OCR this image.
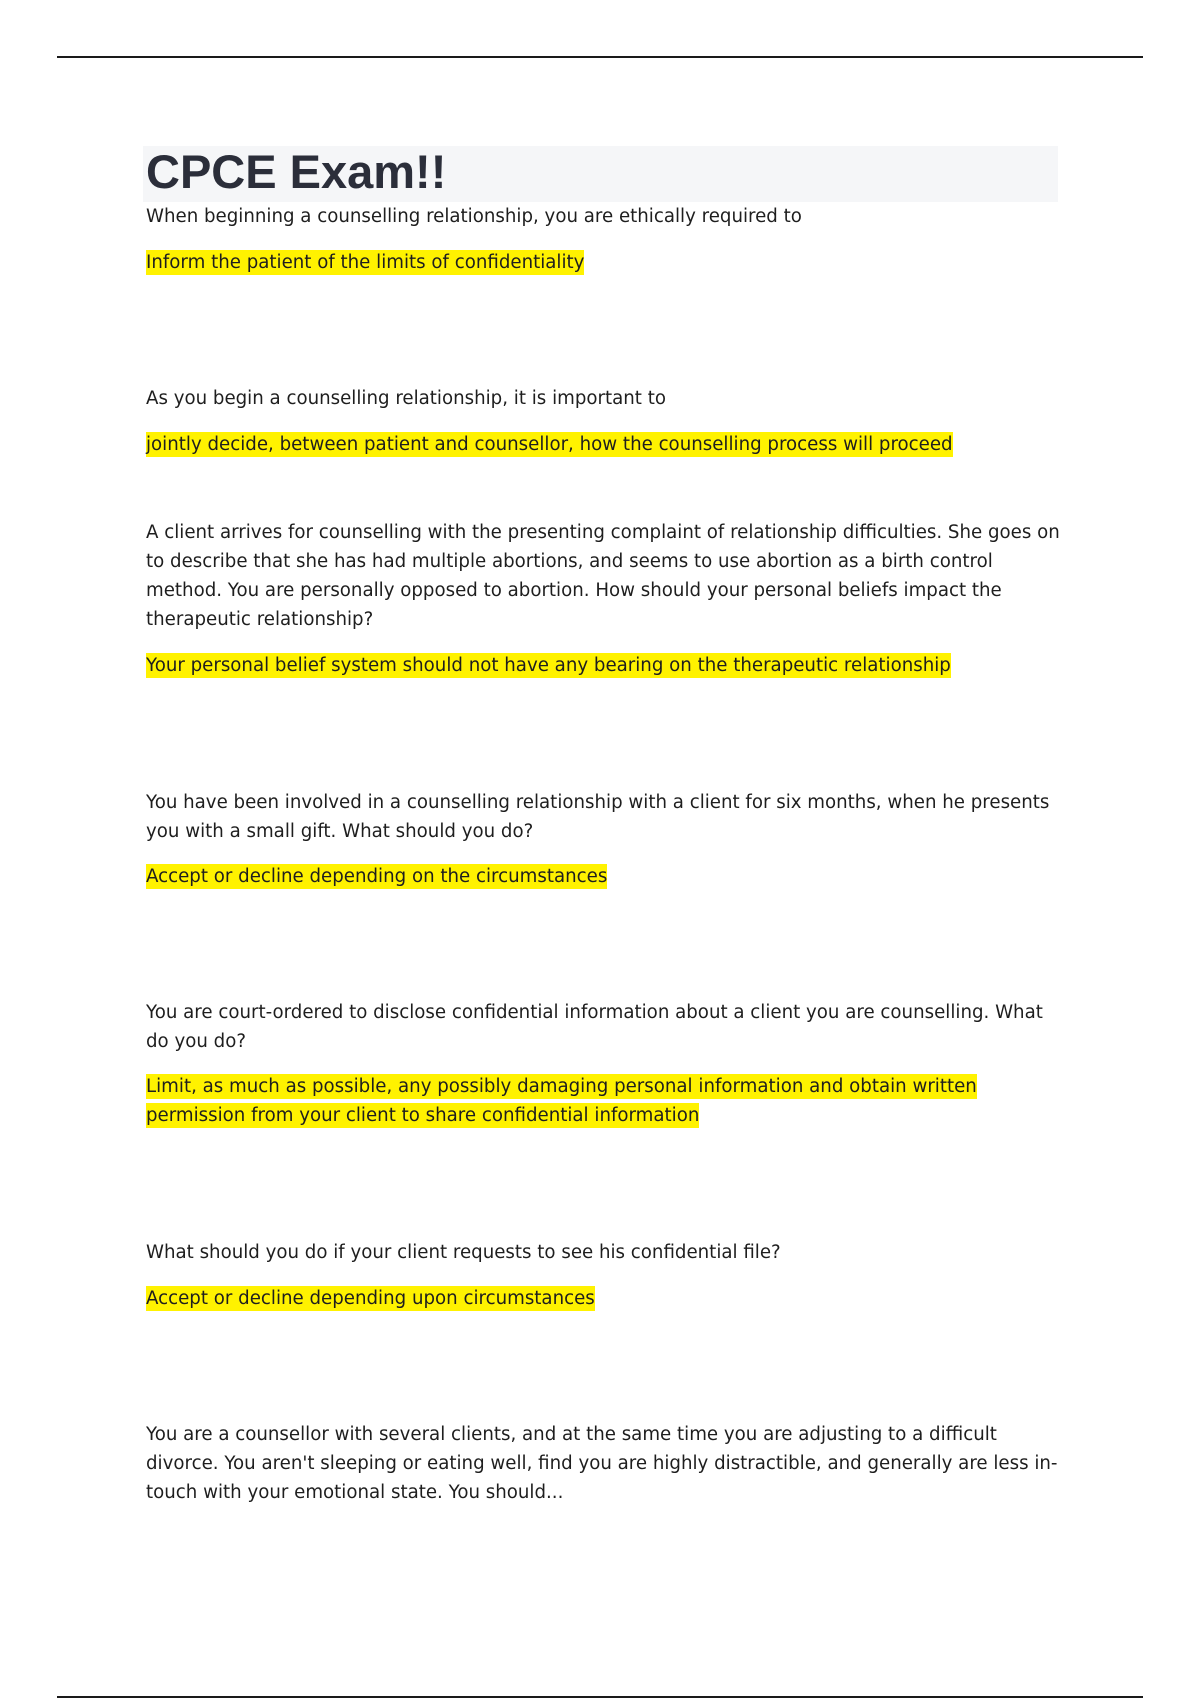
CPCE Exam!!

When beginning a counselling relationship, you are ethically required to

Inform the patient of the limits of confidentiality

As you begin a counselling relationship, it is important to

jointly decide, between patient and counsellor, how the counselling process will proceed

A client arrives for counselling with the presenting complaint of relationship difficulties. She goes on to describe that she has had multiple abortions, and seems to use abortion as a birth control method. You are personally opposed to abortion. How should your personal beliefs impact the therapeutic relationship?

Your personal belief system should not have any bearing on the therapeutic relationship

You have been involved in a counselling relationship with a client for six months, when he presents you with a small gift. What should you do?

Accept or decline depending on the circumstances

You are court-ordered to disclose confidential information about a client you are counselling. What do you do?

Limit, as much as possible, any possibly damaging personal information and obtain written permission from your client to share confidential information

What should you do if your client requests to see his confidential file?

Accept or decline depending upon circumstances

You are a counsellor with several clients, and at the same time you are adjusting to a difficult divorce. You aren't sleeping or eating well, find you are highly distractible, and generally are less in-touch with your emotional state. You should...
